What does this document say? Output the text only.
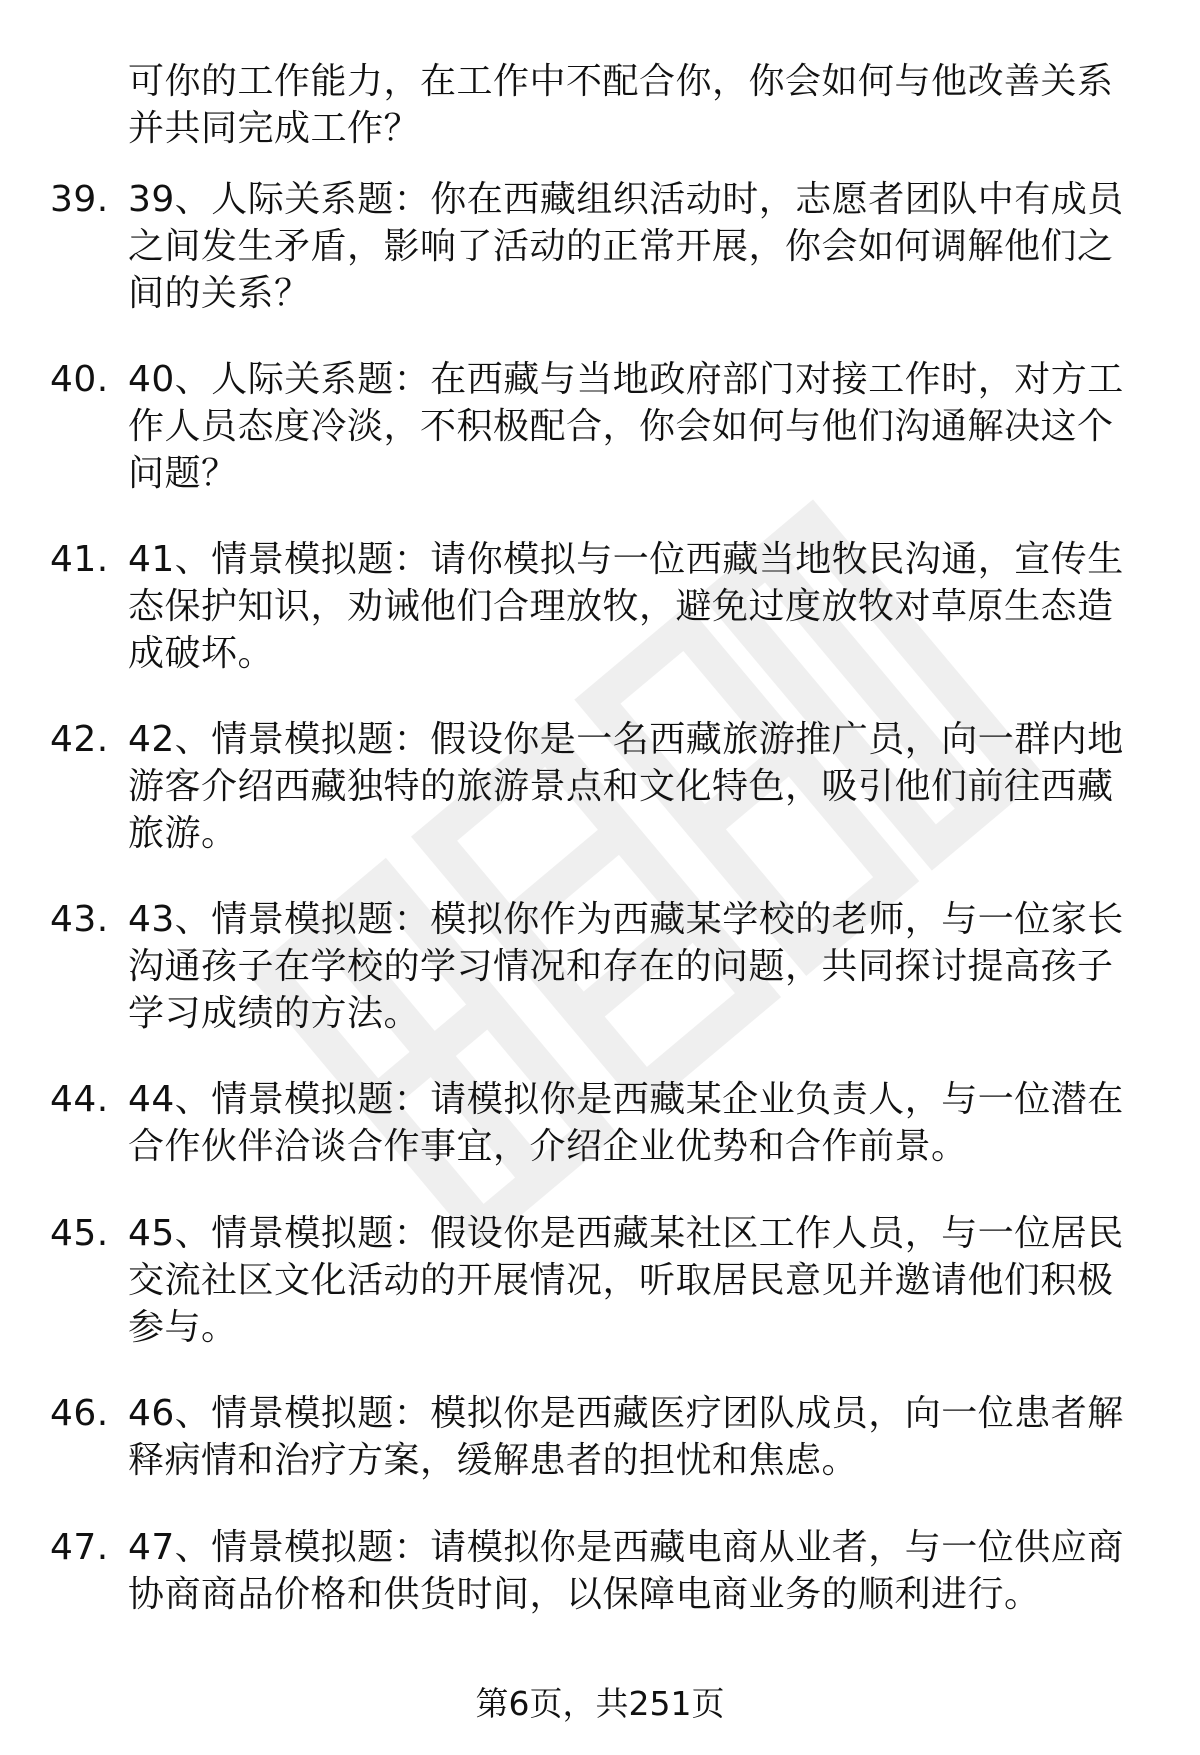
可你的工作能力，在工作中不配合你，你会如何与他改善关系并共同完成工作？

39. 39、人际关系题：你在西藏组织活动时，志愿者团队中有成员之间发生矛盾，影响了活动的正常开展，你会如何调解他们之间的关系？

40. 40、人际关系题：在西藏与当地政府部门对接工作时，对方工作人员态度冷淡，不积极配合，你会如何与他们沟通解决这个问题？

41. 41、情景模拟题：请你模拟与一位西藏当地牧民沟通，宣传生态保护知识，劝诫他们合理放牧，避免过度放牧对草原生态造成破坏。

42. 42、情景模拟题：假设你是一名西藏旅游推广员，向一群内地游客介绍西藏独特的旅游景点和文化特色，吸引他们前往西藏旅游。

43. 43、情景模拟题：模拟你作为西藏某学校的老师，与一位家长沟通孩子在学校的学习情况和存在的问题，共同探讨提高孩子学习成绩的方法。

44. 44、情景模拟题：请模拟你是西藏某企业负责人，与一位潜在合作伙伴洽谈合作事宜，介绍企业优势和合作前景。

45. 45、情景模拟题：假设你是西藏某社区工作人员，与一位居民交流社区文化活动的开展情况，听取居民意见并邀请他们积极参与。

46. 46、情景模拟题：模拟你是西藏医疗团队成员，向一位患者解释病情和治疗方案，缓解患者的担忧和焦虑。

47. 47、情景模拟题：请模拟你是西藏电商从业者，与一位供应商协商商品价格和供货时间，以保障电商业务的顺利进行。

第6页，共251页
